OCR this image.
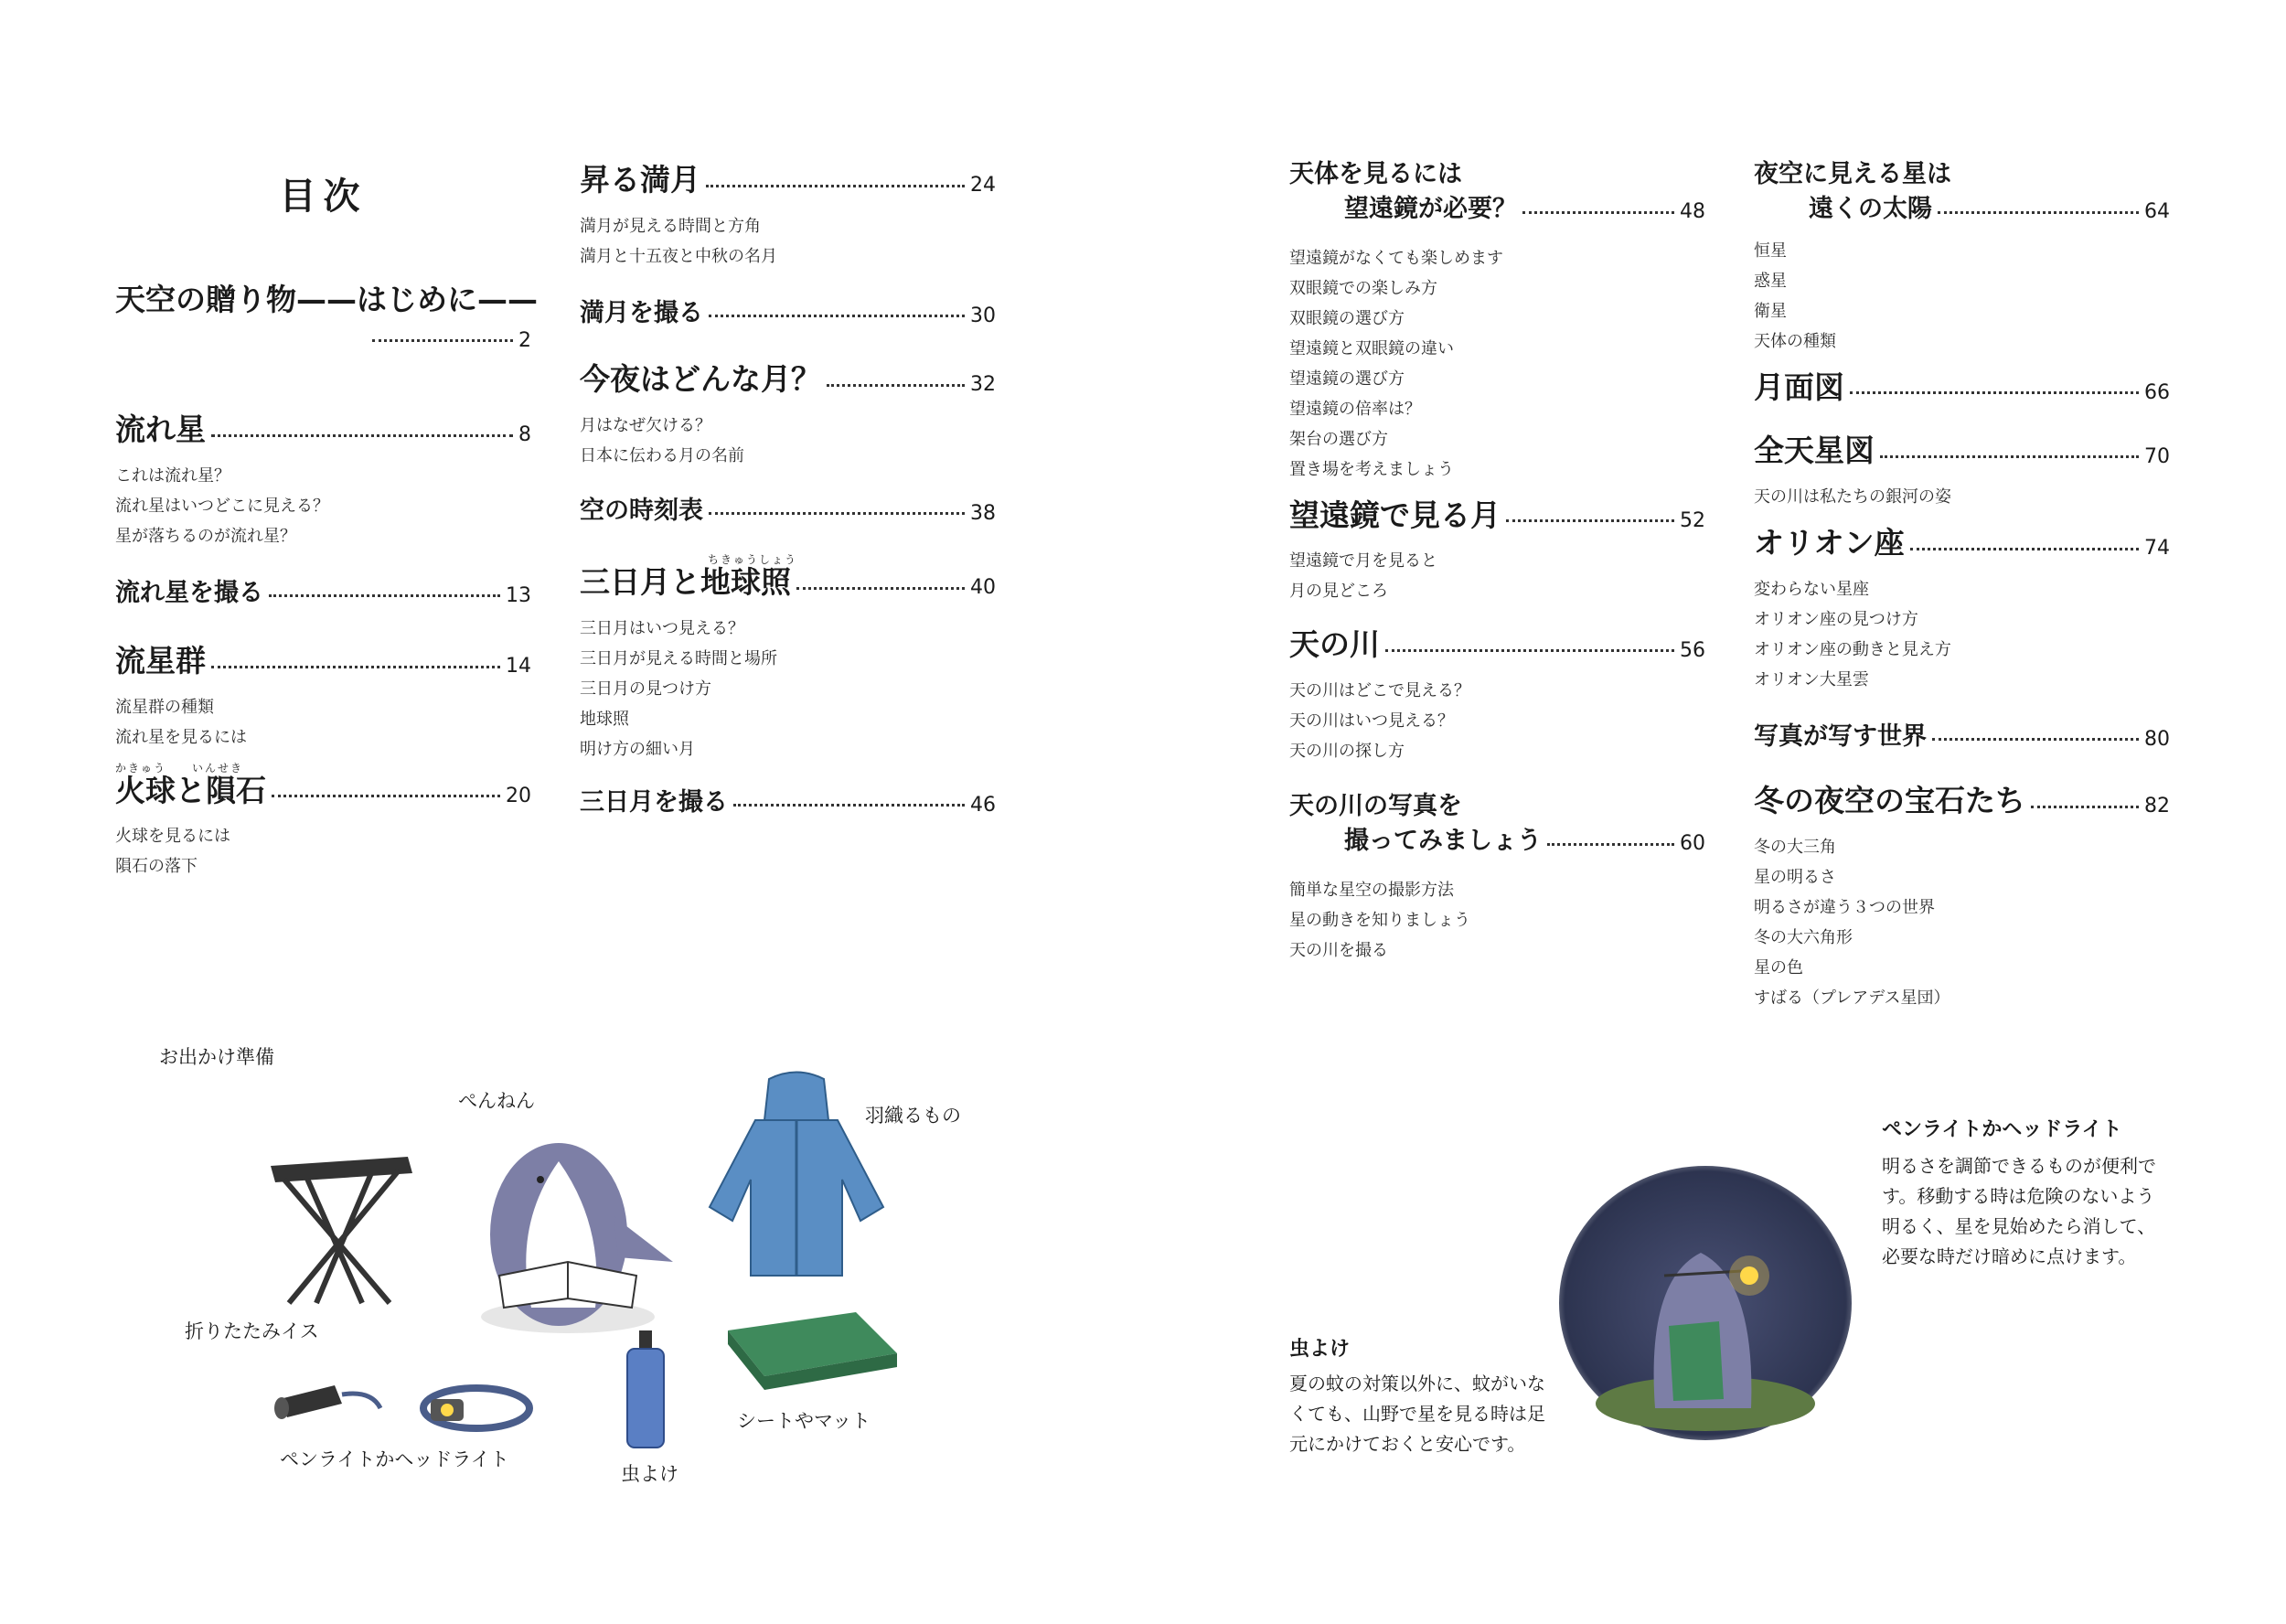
目次
天空の贈り物——はじめに——
2
流れ星	8
これは流れ星？
流れ星はいつどこに見える？
星が落ちるのが流れ星？
流れ星を撮る	13
流星群	14
流星群の種類
流れ星を見るには
かきゅう　　いんせき
火球と隕石	20
火球を見るには
隕石の落下
昇る満月	24
満月が見える時間と方角
満月と十五夜と中秋の名月
満月を撮る	30
今夜はどんな月？	32
月はなぜ欠ける？
日本に伝わる月の名前
空の時刻表	38
ちきゅうしょう
三日月と地球照	40
三日月はいつ見える？
三日月が見える時間と場所
三日月の見つけ方
地球照
明け方の細い月
三日月を撮る	46
天体を見るには
望遠鏡が必要？	48
望遠鏡がなくても楽しめます
双眼鏡での楽しみ方
双眼鏡の選び方
望遠鏡と双眼鏡の違い
望遠鏡の選び方
望遠鏡の倍率は？
架台の選び方
置き場を考えましょう
望遠鏡で見る月	52
望遠鏡で月を見ると
月の見どころ
天の川	56
天の川はどこで見える？
天の川はいつ見える？
天の川の探し方
天の川の写真を
撮ってみましょう	60
簡単な星空の撮影方法
星の動きを知りましょう
天の川を撮る
夜空に見える星は
遠くの太陽	64
恒星
惑星
衛星
天体の種類
月面図	66
全天星図	70
天の川は私たちの銀河の姿
オリオン座	74
変わらない星座
オリオン座の見つけ方
オリオン座の動きと見え方
オリオン大星雲
写真が写す世界	80
冬の夜空の宝石たち	82
冬の大三角
星の明るさ
明るさが違う３つの世界
冬の大六角形
星の色
すばる（プレアデス星団）
お出かけ準備
ぺんねん
羽織るもの
折りたたみイス
ペンライトかヘッドライト
虫よけ
シートやマット
ペンライトかヘッドライト
明るさを調節できるものが便利で
す。移動する時は危険のないよう
明るく、星を見始めたら消して、
必要な時だけ暗めに点けます。
虫よけ
夏の蚊の対策以外に、蚊がいな
くても、山野で星を見る時は足
元にかけておくと安心です。
